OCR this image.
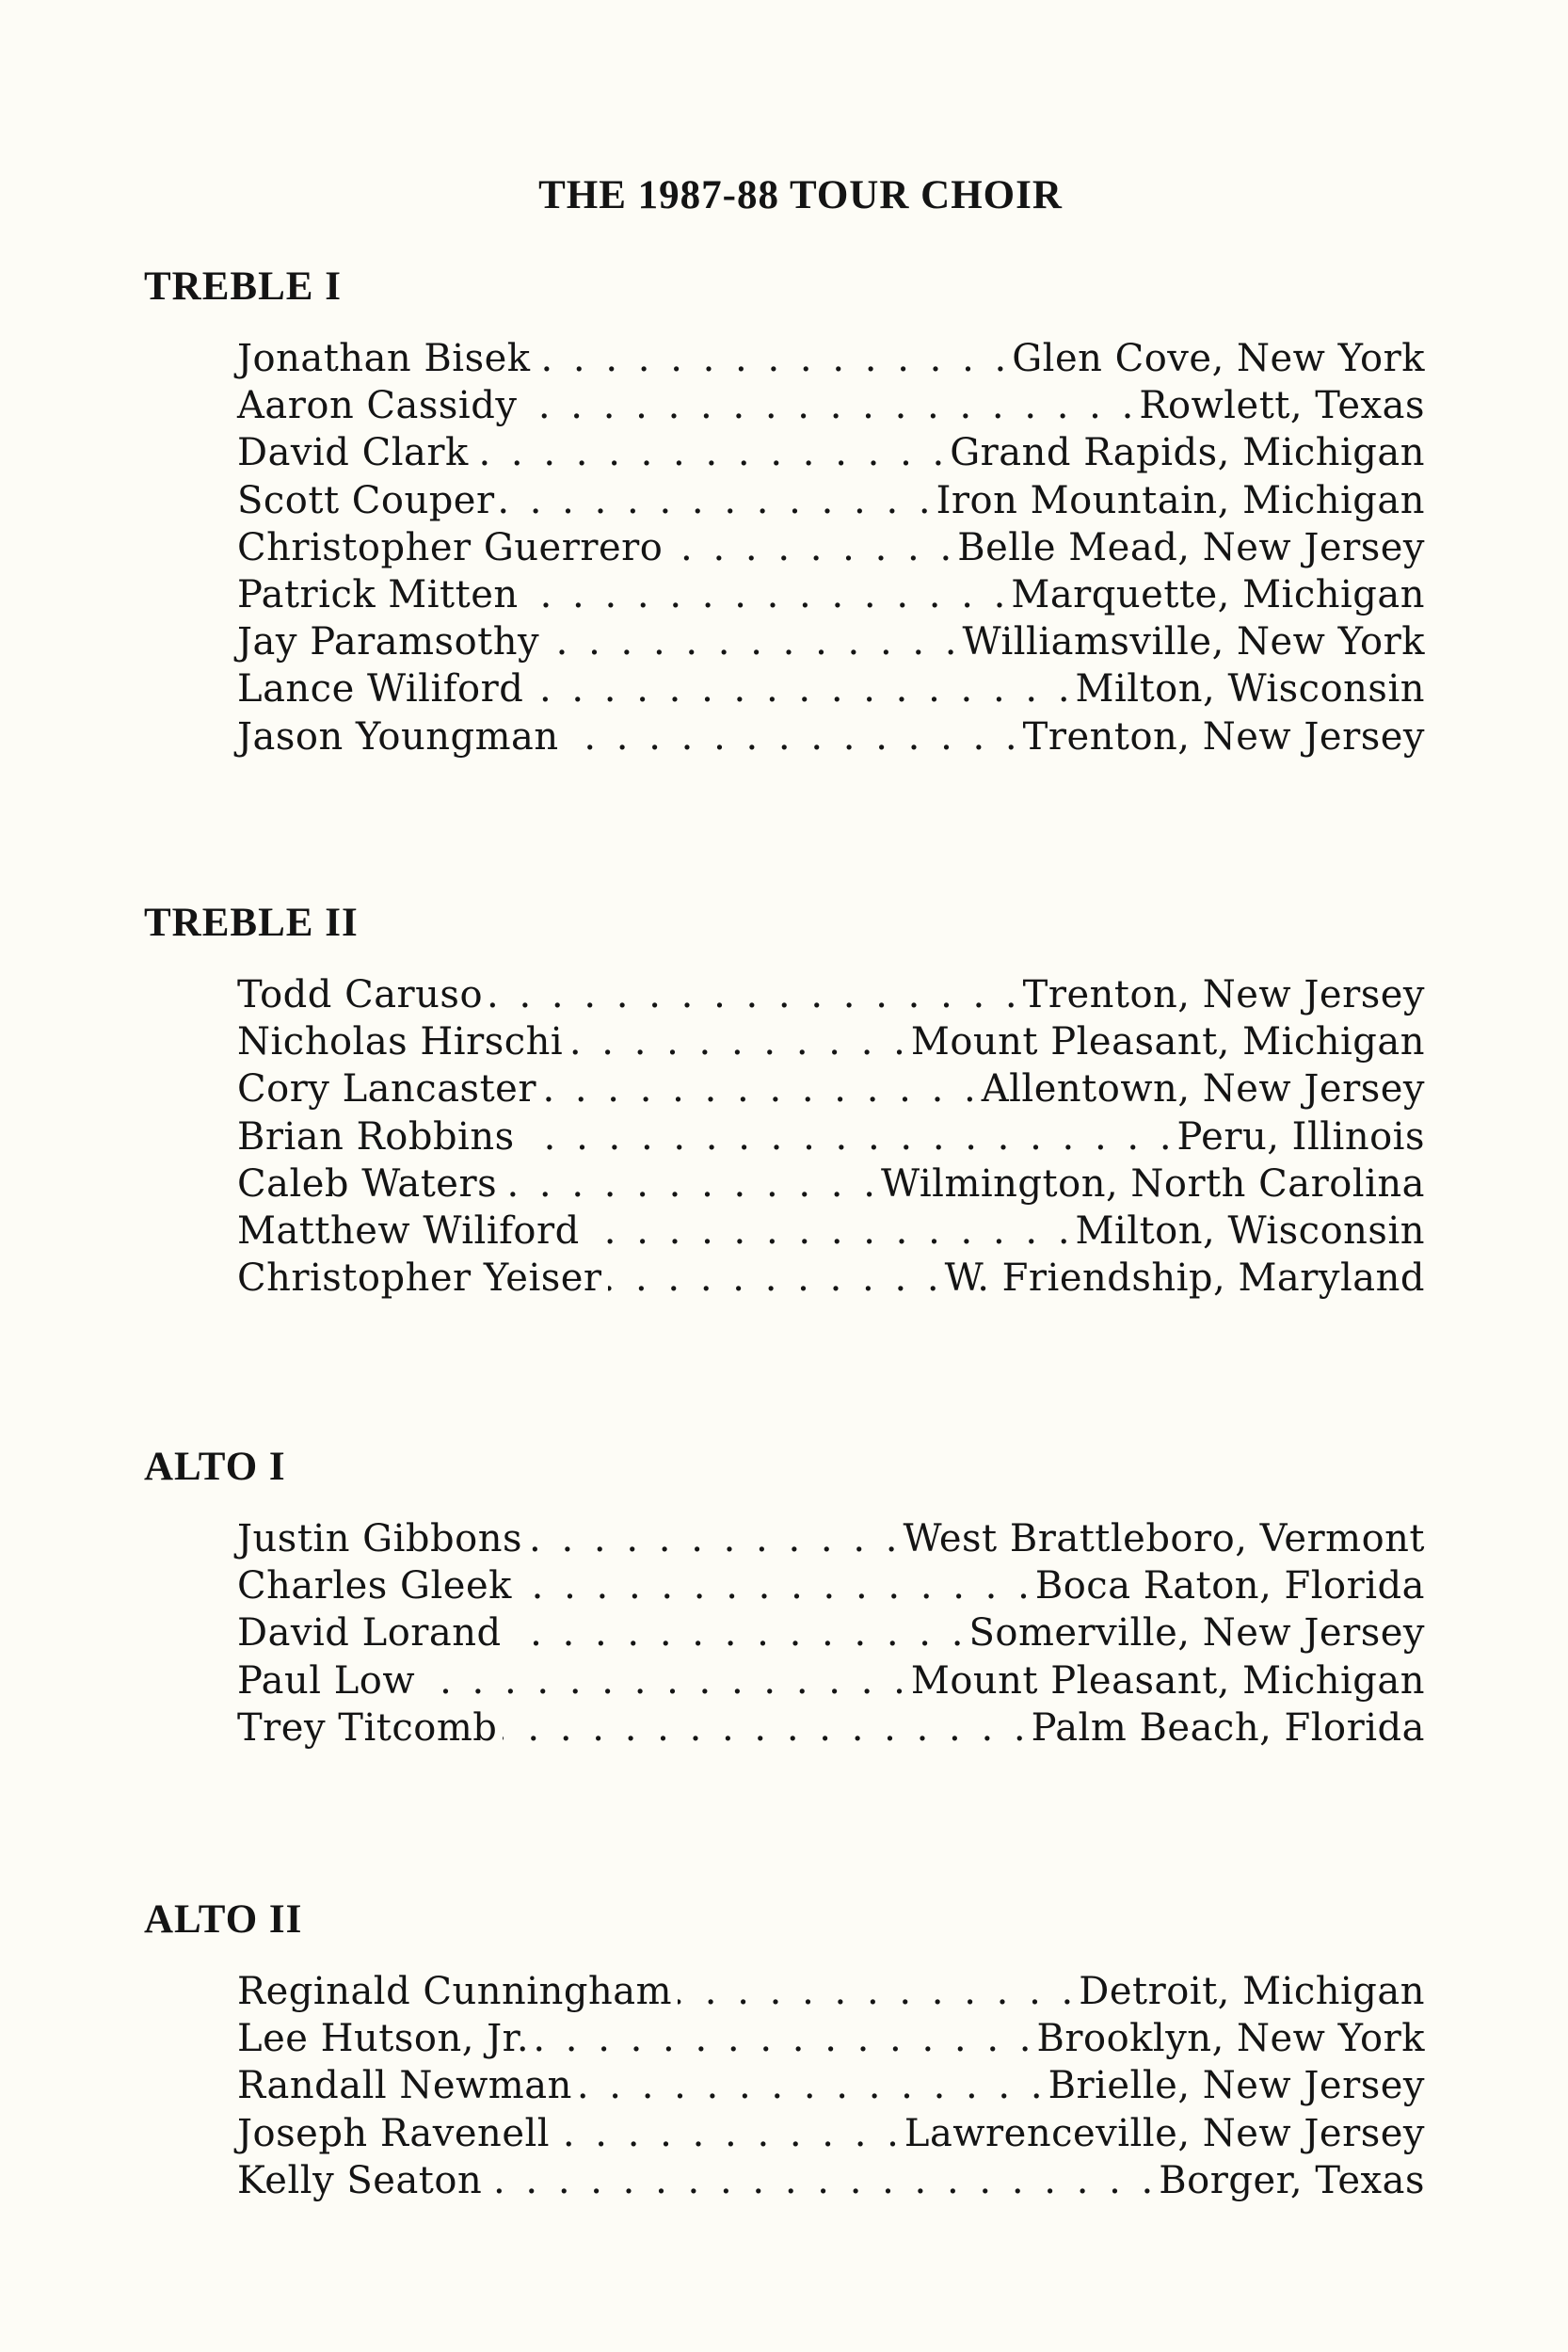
THE 1987-88 TOUR CHOIR
TREBLE I
Jonathan Bisek . . .	Glen Cove, New York
Aaron Cassidy . . .	Rowlett, Texas
David Clark . . .	Grand Rapids, Michigan
Scott Couper . . .	Iron Mountain, Michigan
Christopher Guerrero . . .	Belle Mead, New Jersey
Patrick Mitten . . .	Marquette, Michigan
Jay Paramsothy . . .	Williamsville, New York
Lance Wiliford . . .	Milton, Wisconsin
Jason Youngman . . .	Trenton, New Jersey
TREBLE II
Todd Caruso . . .	Trenton, New Jersey
Nicholas Hirschi . . .	Mount Pleasant, Michigan
Cory Lancaster . . .	Allentown, New Jersey
Brian Robbins . . .	Peru, Illinois
Caleb Waters . . .	Wilmington, North Carolina
Matthew Wiliford . . .	Milton, Wisconsin
Christopher Yeiser . . .	W. Friendship, Maryland
ALTO I
Justin Gibbons . . .	West Brattleboro, Vermont
Charles Gleek . . .	Boca Raton, Florida
David Lorand . . .	Somerville, New Jersey
Paul Low . . .	Mount Pleasant, Michigan
Trey Titcomb . . .	Palm Beach, Florida
ALTO II
Reginald Cunningham . . .	Detroit, Michigan
Lee Hutson, Jr. . . .	Brooklyn, New York
Randall Newman . . .	Brielle, New Jersey
Joseph Ravenell . . .	Lawrenceville, New Jersey
Kelly Seaton . . .	Borger, Texas
